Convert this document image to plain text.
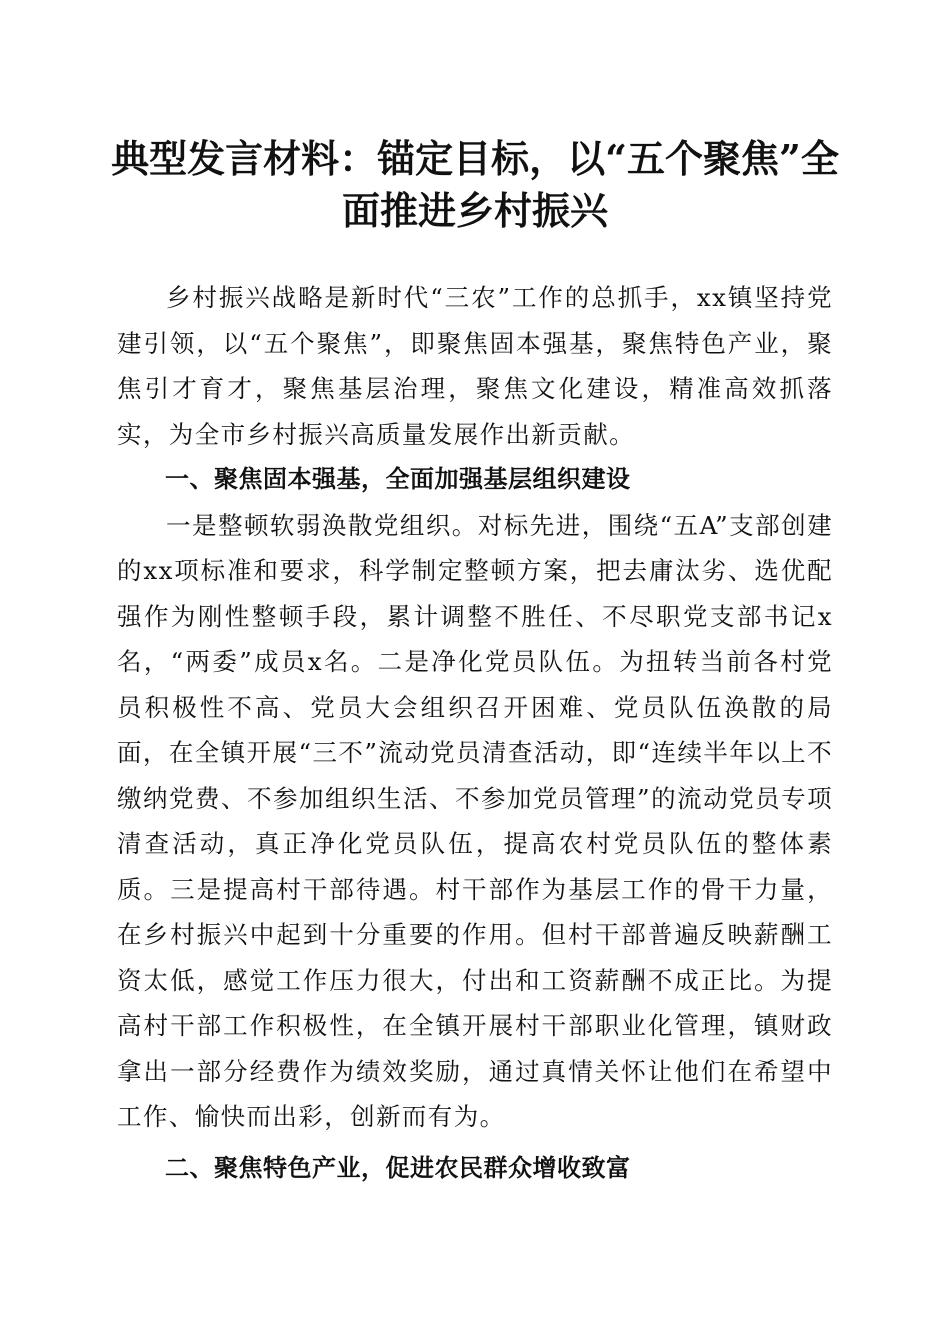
典型发言材料：锚定目标，以“五个聚焦”全
面推进乡村振兴

乡村振兴战略是新时代“三农”工作的总抓手，xx镇坚持党建引领，以“五个聚焦”，即聚焦固本强基，聚焦特色产业，聚焦引才育才，聚焦基层治理，聚焦文化建设，精准高效抓落实，为全市乡村振兴高质量发展作出新贡献。

一、聚焦固本强基，全面加强基层组织建设

一是整顿软弱涣散党组织。对标先进，围绕“五A”支部创建的xx项标准和要求，科学制定整顿方案，把去庸汰劣、选优配强作为刚性整顿手段，累计调整不胜任、不尽职党支部书记x名，“两委”成员x名。二是净化党员队伍。为扭转当前各村党员积极性不高、党员大会组织召开困难、党员队伍涣散的局面，在全镇开展“三不”流动党员清查活动，即“连续半年以上不缴纳党费、不参加组织生活、不参加党员管理”的流动党员专项清查活动，真正净化党员队伍，提高农村党员队伍的整体素质。三是提高村干部待遇。村干部作为基层工作的骨干力量，在乡村振兴中起到十分重要的作用。但村干部普遍反映薪酬工资太低，感觉工作压力很大，付出和工资薪酬不成正比。为提高村干部工作积极性，在全镇开展村干部职业化管理，镇财政拿出一部分经费作为绩效奖励，通过真情关怀让他们在希望中工作、愉快而出彩，创新而有为。

二、聚焦特色产业，促进农民群众增收致富
